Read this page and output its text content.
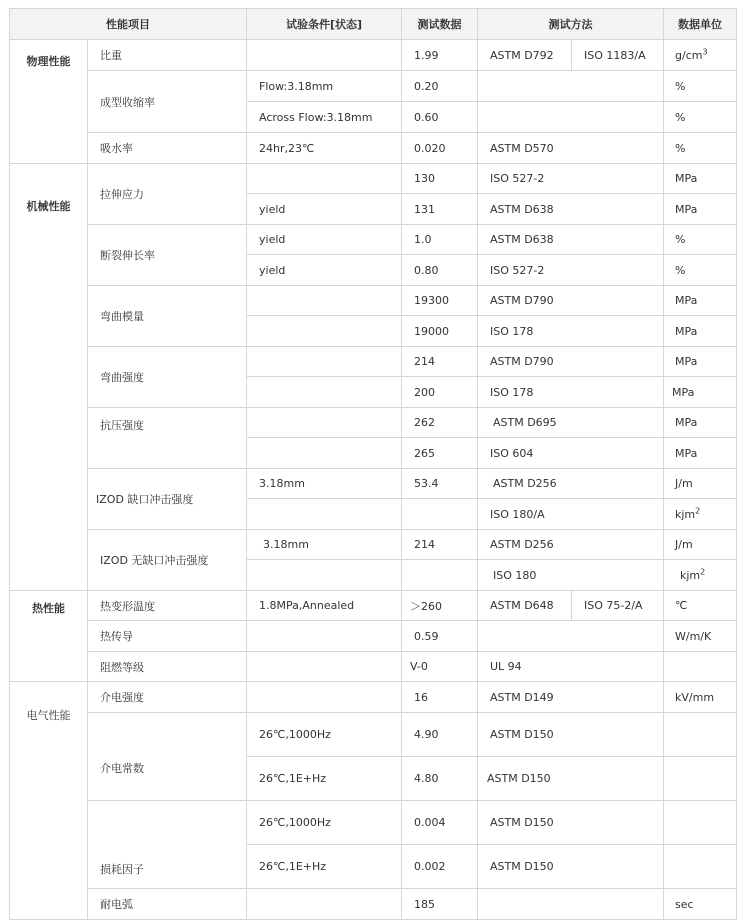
性能项目		试验条件[状态]	测试数据	测试方法		数据单位
物理性能	比重		1.99	ASTM D792	ISO 1183/A	$g/cm^3$
	成型收缩率	Flow:3.18mm	0.20			%
		Across Flow:3.18mm	0.60			%
	吸水率	24hr,23℃	0.020	ASTM D570		%
机械性能	拉伸应力		130	ISO 527-2		MPa
		yield	131	ASTM D638		MPa
	断裂伸长率	yield	1.0	ASTM D638		%
		yield	0.80	ISO 527-2		%
	弯曲模量		19300	ASTM D790		MPa
			19000	ISO 178		MPa
	弯曲强度		214	ASTM D790		MPa
			200	ISO 178		MPa
	抗压强度		262	ASTM D695		MPa
			265	ISO 604		MPa
	IZOD 缺口冲击强度	3.18mm	53.4	ASTM D256		J/m
				ISO 180/A		kjm$^2$
	IZOD 无缺口冲击强度	3.18mm	214	ASTM D256		J/m
				ISO 180		kjm$^2$
热性能	热变形温度	1.8MPa,Annealed	＞260	ASTM D648	ISO 75-2/A	℃
	热传导		0.59			W/m/K
	阻燃等级		V-0	UL 94		

电气性能	介电强度		16	ASTM D149		kV/mm
	介电常数	26℃,1000Hz	4.90	ASTM D150		
		26℃,1E+Hz	4.80	ASTM D150		
	损耗因子	26℃,1000Hz	0.004	ASTM D150		
		26℃,1E+Hz	0.002	ASTM D150		
	耐电弧		185			sec
